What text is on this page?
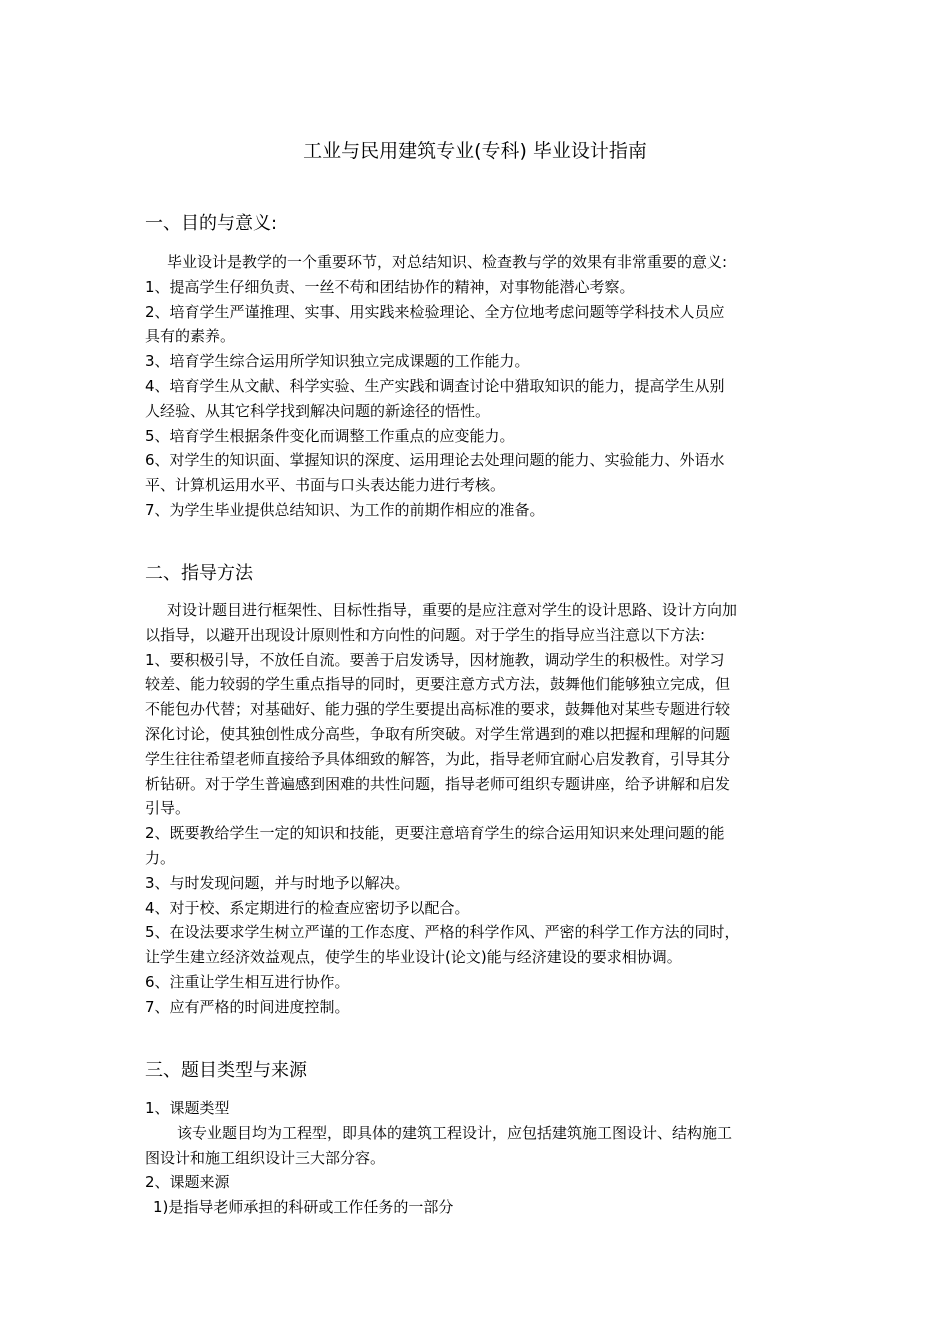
工业与民用建筑专业(专科) 毕业设计指南
一、目的与意义:
毕业设计是教学的一个重要环节，对总结知识、检查教与学的效果有非常重要的意义:
1、提高学生仔细负责、一丝不苟和团结协作的精神，对事物能潜心考察。
2、培育学生严谨推理、实事、用实践来检验理论、全方位地考虑问题等学科技术人员应
具有的素养。
3、培育学生综合运用所学知识独立完成课题的工作能力。
4、培育学生从文献、科学实验、生产实践和调查讨论中猎取知识的能力，提高学生从别
人经验、从其它科学找到解决问题的新途径的悟性。
5、培育学生根据条件变化而调整工作重点的应变能力。
6、对学生的知识面、掌握知识的深度、运用理论去处理问题的能力、实验能力、外语水
平、计算机运用水平、书面与口头表达能力进行考核。
7、为学生毕业提供总结知识、为工作的前期作相应的准备。
二、指导方法
对设计题目进行框架性、目标性指导，重要的是应注意对学生的设计思路、设计方向加
以指导，以避开出现设计原则性和方向性的问题。对于学生的指导应当注意以下方法:
1、要积极引导，不放任自流。要善于启发诱导，因材施教，调动学生的积极性。对学习
较差、能力较弱的学生重点指导的同时，更要注意方式方法，鼓舞他们能够独立完成，但
不能包办代替；对基础好、能力强的学生要提出高标准的要求，鼓舞他对某些专题进行较
深化讨论，使其独创性成分高些，争取有所突破。对学生常遇到的难以把握和理解的问题
学生往往希望老师直接给予具体细致的解答，为此，指导老师宜耐心启发教育，引导其分
析钻研。对于学生普遍感到困难的共性问题，指导老师可组织专题讲座，给予讲解和启发
引导。
2、既要教给学生一定的知识和技能，更要注意培育学生的综合运用知识来处理问题的能
力。
3、与时发现问题，并与时地予以解决。
4、对于校、系定期进行的检查应密切予以配合。
5、在设法要求学生树立严谨的工作态度、严格的科学作风、严密的科学工作方法的同时，
让学生建立经济效益观点，使学生的毕业设计(论文)能与经济建设的要求相协调。
6、注重让学生相互进行协作。
7、应有严格的时间进度控制。
三、题目类型与来源
1、课题类型
该专业题目均为工程型，即具体的建筑工程设计，应包括建筑施工图设计、结构施工
图设计和施工组织设计三大部分容。
2、课题来源
1)是指导老师承担的科研或工作任务的一部分
